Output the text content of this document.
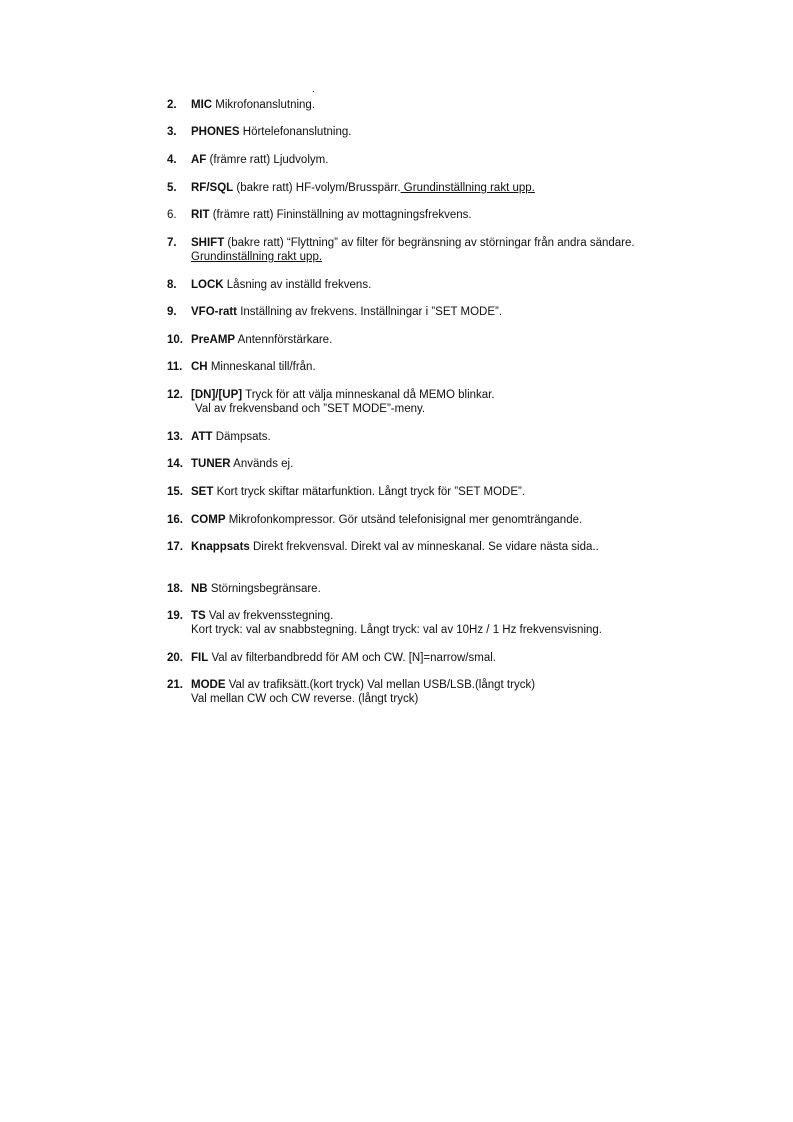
.
2.	MIC Mikrofonanslutning.
3.	PHONES Hörtelefonanslutning.
4.	AF (främre ratt) Ljudvolym.
5.	RF/SQL (bakre ratt) HF-volym/Brusspärr. Grundinställning rakt upp.
6.	RIT (främre ratt) Fininställning av mottagningsfrekvens.
7.	SHIFT (bakre ratt) “Flyttning” av filter för begränsning av störningar från andra sändare.
Grundinställning rakt upp.
8.	LOCK Låsning av inställd frekvens.
9.	VFO-ratt Inställning av frekvens. Inställningar i ”SET MODE”.
10. PreAMP Antennförstärkare.
11. CH Minneskanal till/från.
12. [DN]/[UP] Tryck för att välja minneskanal då MEMO blinkar.
Val av frekvensband och ”SET MODE”-meny.
13. ATT Dämpsats.
14. TUNER Används ej.
15. SET Kort tryck skiftar mätarfunktion. Långt tryck för ”SET MODE”.
16. COMP Mikrofonkompressor. Gör utsänd telefonisignal mer genomträngande.
17. Knappsats Direkt frekvensval. Direkt val av minneskanal. Se vidare nästa sida..
18. NB Störningsbegränsare.
19. TS Val av frekvensstegning.
Kort tryck: val av snabbstegning. Långt tryck: val av 10Hz / 1 Hz frekvensvisning.
20. FIL Val av filterbandbredd för AM och CW. [N]=narrow/smal.
21. MODE Val av trafiksätt.(kort tryck) Val mellan USB/LSB.(långt tryck)
Val mellan CW och CW reverse. (långt tryck)
